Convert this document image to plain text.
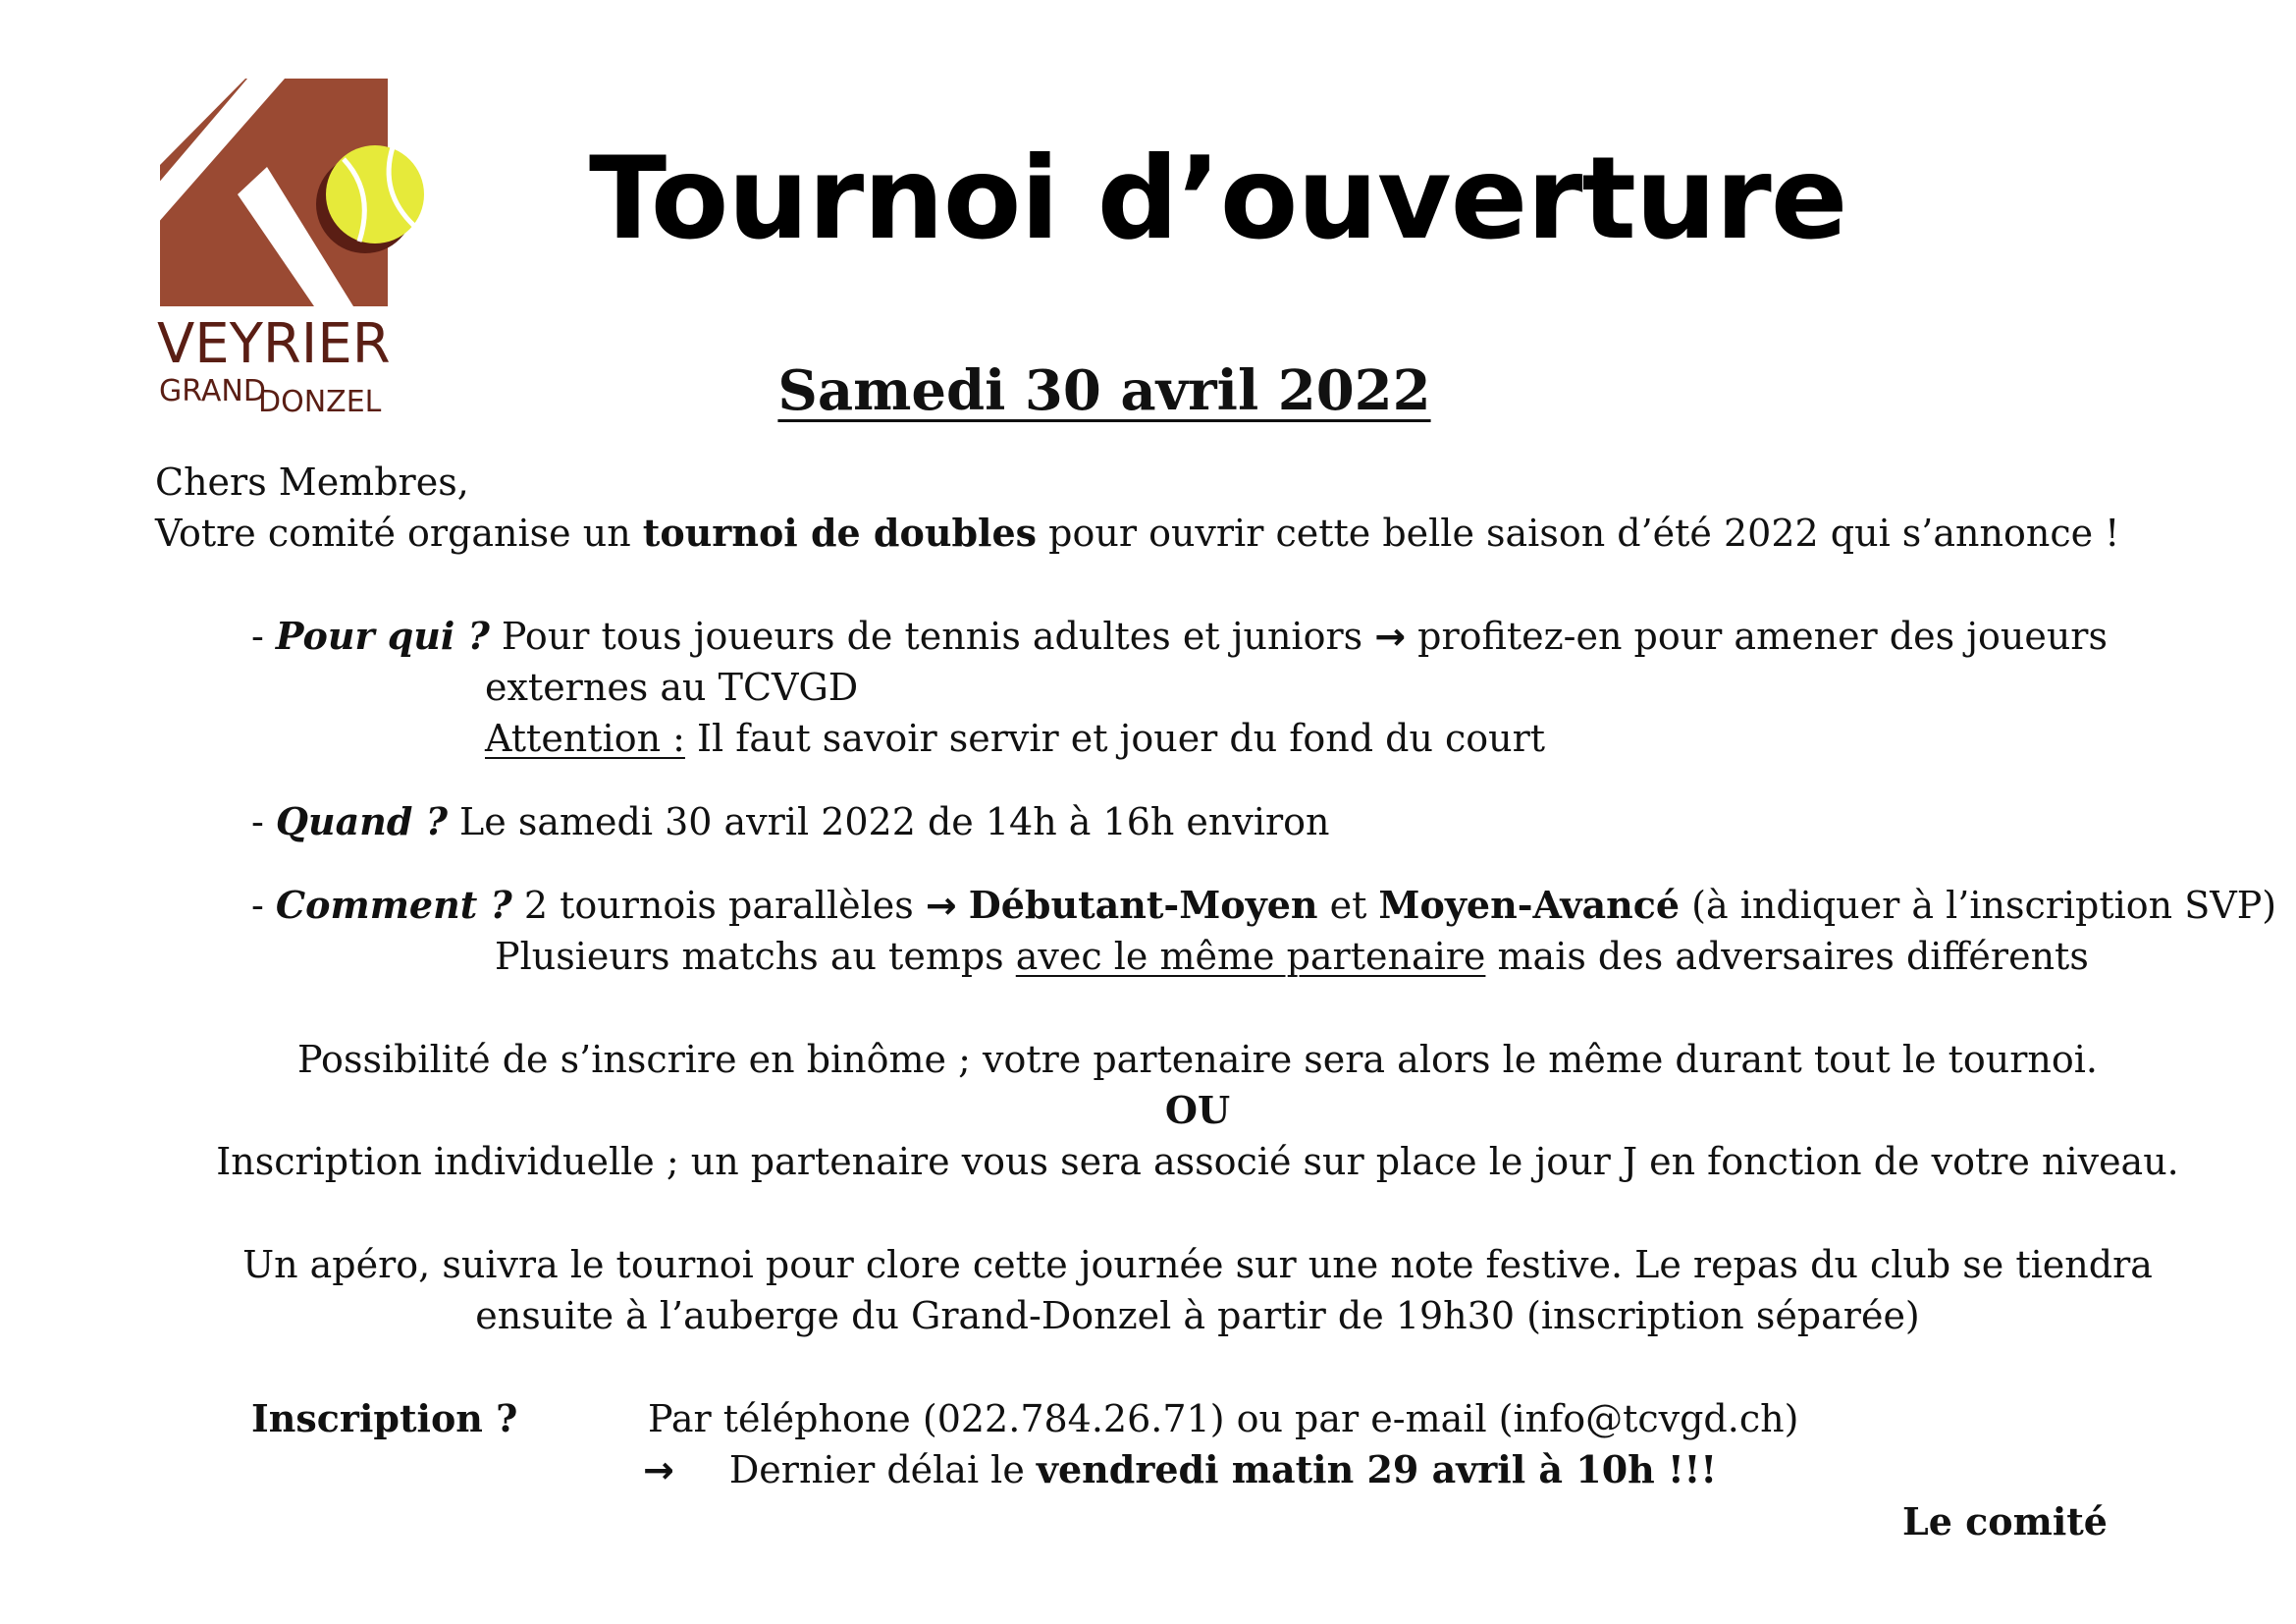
VEYRIER
GRAND
DONZEL
Tournoi d’ouverture
Samedi 30 avril 2022
Chers Membres,
Votre comité organise un tournoi de doubles pour ouvrir cette belle saison d’été 2022 qui s’annonce !
- Pour qui ? Pour tous joueurs de tennis adultes et juniors → profitez-en pour amener des joueurs
externes au TCVGD
Attention : Il faut savoir servir et jouer du fond du court
- Quand ? Le samedi 30 avril 2022 de 14h à 16h environ
- Comment ? 2 tournois parallèles → Débutant-Moyen et Moyen-Avancé (à indiquer à l’inscription SVP)
Plusieurs matchs au temps avec le même partenaire mais des adversaires différents
Possibilité de s’inscrire en binôme ; votre partenaire sera alors le même durant tout le tournoi.
OU
Inscription individuelle ; un partenaire vous sera associé sur place le jour J en fonction de votre niveau.
Un apéro, suivra le tournoi pour clore cette journée sur une note festive. Le repas du club se tiendra
ensuite à l’auberge du Grand-Donzel à partir de 19h30 (inscription séparée)
Inscription ?	Par téléphone (022.784.26.71) ou par e-mail (info@tcvgd.ch)
→ Dernier délai le vendredi matin 29 avril à 10h !!!
Le comité
